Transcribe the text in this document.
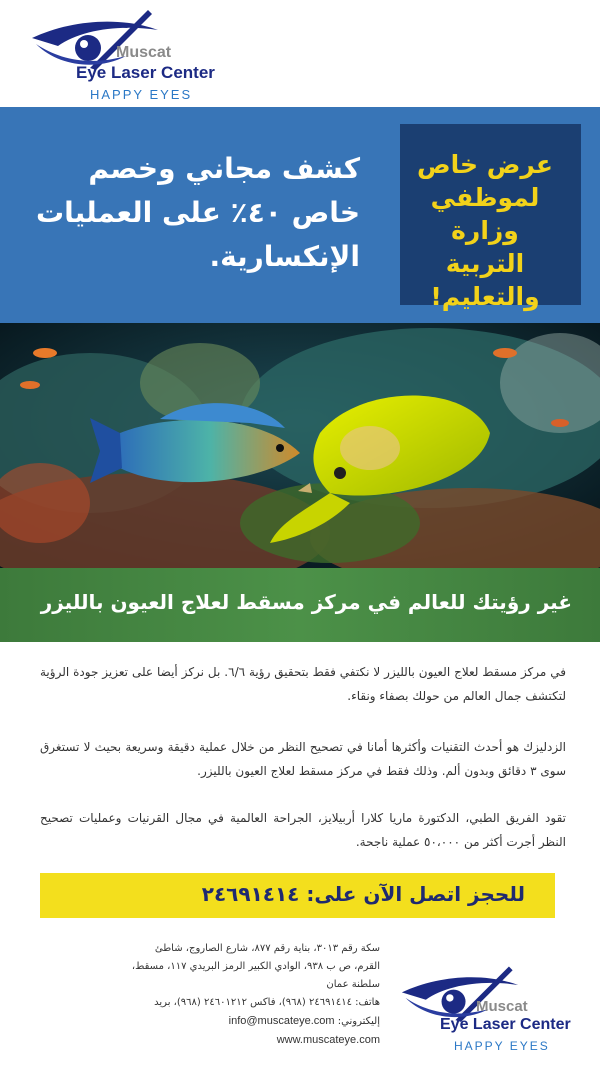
Muscat
Eye Laser Center
HAPPY EYES
كشف مجاني وخصم
خاص ٤٠٪ على العمليات
الإنكسارية.
عرض خاص
لموظفي وزارة
التربية
والتعليم!
غير رؤيتك للعالم في مركز مسقط لعلاج العيون بالليزر
في مركز مسقط لعلاج العيون بالليزر لا نكتفي فقط بتحقيق رؤية ٦/٦. بل نركز أيضا على تعزيز جودة الرؤية لتكتشف جمال العالم من حولك بصفاء ونقاء.
الزدليزك هو أحدث التقنيات وأكثرها أمانا في تصحيح النظر من خلال عملية دقيقة وسريعة بحيث لا تستغرق سوى ٣ دقائق وبدون ألم. وذلك فقط في مركز مسقط لعلاج العيون بالليزر.
تقود الفريق الطبي، الدكتورة ماريا كلارا أربيلايز، الجراحة العالمية في مجال القرنيات وعمليات تصحيح النظر أجرت أكثر من ٥٠،٠٠٠ عملية ناجحة.
للحجز اتصل الآن على: ٢٤٦٩١٤١٤
سكة رقم ٣٠١٣، بناية رقم ٨٧٧، شارع الصاروج، شاطئ
القرم، ص ب ٩٣٨، الوادي الكبير الرمز البريدي ١١٧، مسقط،
سلطنة عمان
هاتف: ٢٤٦٩١٤١٤ (٩٦٨)، فاكس ٢٤٦٠١٢١٢ (٩٦٨)، بريد
إليكتروني: info@muscateye.com
www.muscateye.com
Muscat
Eye Laser Center
HAPPY EYES
